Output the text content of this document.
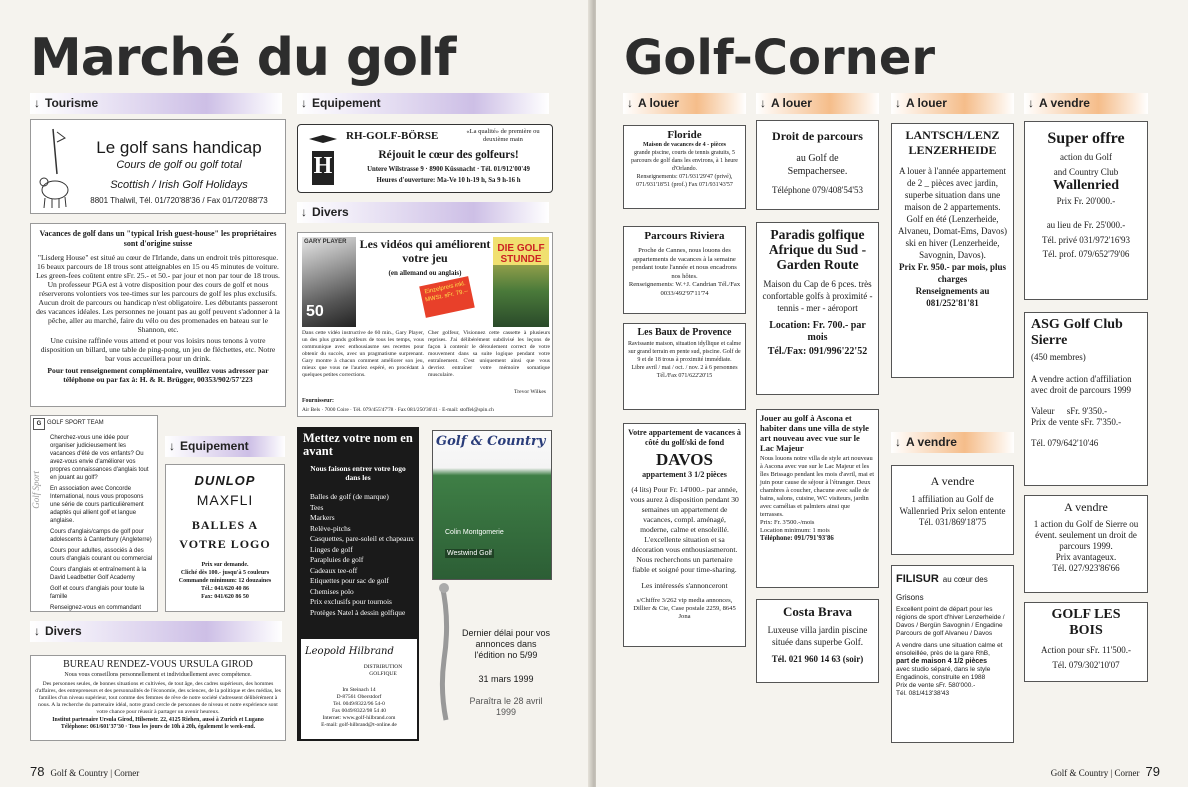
Marché du golf
↓ Tourisme
Le golf sans handicap
Cours de golf ou golf total
Scottish / Irish Golf Holidays
8801 Thalwil, Tél. 01/720'88'36 / Fax 01/720'88'73
Vacances de golf dans un "typical Irish guest-house" les propriétaires sont d'origine suisse
"Lisderg House" est situé au cœur de l'Irlande, dans un endroit très pittoresque. 16 beaux parcours de 18 trous sont atteignables en 15 ou 45 minutes de voiture. Les green-fees coûtent entre sFr. 25.- et 50.- par jour et non par tour de 18 trous. Un professeur PGA est à votre disposition pour des cours de golf et nous réserverons volontiers vos tee-times sur les parcours de golf les plus exclusifs. Aucun droit de parcours ou handicap n'est obligatoire. Les débutants passeront des vacances idéales. Les personnes ne jouant pas au golf peuvent s'adonner à la pêche, aller au marché, faire du vélo ou des promenades en bateau sur le Shannon, etc.
Une cuisine raffinée vous attend et pour vos loisirs nous tenons à votre disposition un billard, une table de ping-pong, un jeu de fléchettes, etc. Notre bar vous accueillera pour un drink.
Pour tout renseignement complémentaire, veuillez vous adresser par téléphone ou par fax à: H. & R. Brügger, 00353/902/57'223
G GOLF SPORT TEAM
Golf Sport
Cherchez-vous une idée pour organiser judicieusement les vacances d'été de vos enfants? Ou avez-vous envie d'améliorer vos propres connaissances d'anglais tout en jouant au golf?
En association avec Concorde International, nous vous proposons une série de cours particulièrement adaptés qui allient golf et langue anglaise.
Cours d'anglais/camps de golf pour adolescents à Canterbury (Angleterre)
Cours pour adultes, associés à des cours d'anglais courant ou commercial
Cours d'anglais et entraînement à la David Leadbetter Golf Academy
Golf et cours d'anglais pour toute la famille
Renseignez-vous en commandant
↓ Divers
BUREAU RENDEZ-VOUS URSULA GIROD
Nous vous conseillons personnellement et individuellement avec compétence.
Des personnes seules, de bonnes situations et cultivées, de tout âge, des cadres supérieurs, des hommes d'affaires, des entrepreneurs et des personnalités de l'économie, des sciences, de la politique et des médias, les familles d'un niveau supérieur, tout comme des femmes de rêve de notre société s'adressent délibérément à nous. A la recherche du partenaire idéal, notre grand cercle de personnes de niveau et notre expérience sont votre chance pour réussir à partager un avenir heureux.
Institut partenaire Ursula Girod, Hilsenstr. 22, 4125 Riehen, aussi à Zurich et Lugano
Téléphone: 061/601'37'30 · Tous les jours de 10h à 20h, également le week-end.
↓ Equipement
H
RH-GOLF-BÖRSE	«La qualité» de première ou deuxième main
Réjouit le cœur des golfeurs!
Untere Wilstrasse 9 · 8900 Küssnacht · Tél. 01/912'00'49
Heures d'ouverture: Ma-Ve 10 h-19 h, Sa 9 h-16 h
↓ Divers
GARY PLAYER
50
Les vidéos qui améliorent votre jeu
(en allemand ou anglais)
Einzelpreis inkl. MWSt. sFr. 79.--
DIE GOLF STUNDE
Dans cette vidéo instructive de 60 min., Gary Player, un des plus grands golfeurs de tous les temps, vous communique avec enthousiasme ses recettes pour obtenir du succès, avec un pragmatisme surprenant. Gary montre à chacun comment améliorer son jeu, mieux que vous ne l'auriez espéré, en procédant à quelques petites corrections.
Cher golfeur, Visionnez cette cassette à plusieurs reprises. J'ai délibérément subdivisé les leçons de façon à contenir le déroulement correct de votre mouvement dans sa suite logique pendant votre entraînement. C'est uniquement ainsi que vous devriez entraîner votre mémoire somatique musculaire.
Trevor Wilkes
Fournisseur:
Air Bels · 7000 Coire · Tél. 079/455'47'78 · Fax 081/250'36'41 · E-mail: stoffel@spin.ch
↓ Equipement
DUNLOP
MAXFLI
BALLES A
VOTRE LOGO
Prix sur demande.
Cliché dès 100.- jusqu'à 5 couleurs
Commande minimum: 12 douzaines
Tél.: 041/620 40 86
Fax: 041/620 86 50
Mettez votre nom en avant
Nous faisons entrer votre logo dans les
Balles de golf (de marque)
Tees
Markers
Relève-pitchs
Casquettes, pare-soleil et chapeaux
Linges de golf
Parapluies de golf
Cadeaux tee-off
Etiquettes pour sac de golf
Chemises polo
Prix exclusifs pour tournois
Protèges Natel à dessin golfique
Leopold Hilbrand
DISTRIBUTION GOLFIQUE
Im Steinach 14
D-87561 Oberstdorf
Tel. 0049/8322/96 54-0
Fax 0049/8322/98 54 40
Internet: www.golf-hilbrand.com
E-mail: golf-hilbrand@t-online.de
Golf & Country
Colin Montgomerie
Westwind Golf
Dernier délai pour vos annonces dans l'édition no 5/99
31 mars 1999
Paraîtra le 28 avril 1999
78 Golf & Country | Corner
Golf-Corner
↓ A louer
Floride
Maison de vacances de 4 - pièces
grande piscine, courts de tennis gratuits, 5 parcours de golf dans les environs, à 1 heure d'Orlando.
Renseignements: 071/931'29'47 (privé), 071/931'18'51 (prof.) Fax 071/931'43'57
Parcours Riviera
Proche de Cannes, nous louons des appartements de vacances à la semaine pendant toute l'année et nous encadrons nos hôtes.
Renseignements: W.+J. Candrian Tél./Fax 0033/492'97'11'74
Les Baux de Provence
Ravissante maison, situation idyllique et calme sur grand terrain en pente sud, piscine. Golf de 9 et de 18 trous à proximité immédiate.
Libre avril / mai / oct. / nov. 2 à 6 personnes
Tél./Fax 071/622'20'15
Votre appartement de vacances à côté du golf/ski de fond
DAVOS
appartement 3 1/2 pièces
(4 lits) Pour Fr. 14'000.- par année, vous aurez à disposition pendant 30 semaines un appartement de vacances, compl. aménagé, moderne, calme et ensoleillé. L'excellente situation et sa décoration vous enthousiasmeront. Nous recherchons un partenaire fiable et soigné pour time-sharing.
Les intéressés s'annonceront
s/Chiffre 3/262 vip media annonces, Dillier & Cie, Case postale 2259, 8645 Jona
↓ A louer
Droit de parcours
au Golf de Sempachersee.
Téléphone 079/408'54'53
Paradis golfique Afrique du Sud - Garden Route
Maison du Cap de 6 pces. très confortable golfs à proximité - tennis - mer - aéroport
Location: Fr. 700.- par mois
Tél./Fax: 091/996'22'52
Jouer au golf à Ascona et habiter dans une villa de style art nouveau avec vue sur le Lac Majeur
Nous louons notre villa de style art nouveau à Ascona avec vue sur le Lac Majeur et les îles Brissago pendant les mois d'avril, mai et juin pour cause de séjour à l'étranger. Deux chambres à coucher, chacune avec salle de bains, salons, cuisine, WC visiteurs, jardin avec camélias et palmiers ainsi que terrasses.
Prix: Fr. 3'500.-/mois
Location minimum: 1 mois
Téléphone: 091/791'93'86
Costa Brava
Luxeuse villa jardin piscine située dans superbe Golf.
Tél. 021 960 14 63 (soir)
↓ A louer
LANTSCH/LENZ LENZERHEIDE
A louer à l'année appartement de 2 _ pièces avec jardin, superbe situation dans une maison de 2 appartements. Golf en été (Lenzerheide, Alvaneu, Domat-Ems, Davos) ski en hiver (Lenzerheide, Savognin, Davos).
Prix Fr. 950.- par mois, plus charges
Renseignements au 081/252'81'81
↓ A vendre
A vendre
1 affiliation au Golf de Wallenried Prix selon entente
Tél. 031/869'18'75
FILISUR au cœur des Grisons
Excellent point de départ pour les régions de sport d'hiver Lenzerheide / Davos / Bergün Savognin / Engadine Parcours de golf Alvaneu / Davos
A vendre dans une situation calme et ensoleillée, près de la gare RhB,
part de maison 4 1/2 pièces
avec studio séparé, dans le style Engadinois, construite en 1988
Prix de vente sFr. 580'000.-
Tél. 081/413'38'43
↓ A vendre
Super offre
action du Golf
and Country Club
Wallenried
Prix Fr. 20'000.-
au lieu de Fr. 25'000.-
Tél. privé 031/972'16'93
Tél. prof. 079/652'79'06
ASG Golf Club Sierre
(450 membres)
A vendre action d'affiliation avec droit de parcours 1999
Valeur sFr. 9'350.-
Prix de vente sFr. 7'350.-
Tél. 079/642'10'46
A vendre
1 action du Golf de Sierre ou évent. seulement un droit de parcours 1999.
Prix avantageux.
Tél. 027/923'86'66
GOLF LES BOIS
Action pour sFr. 11'500.-
Tél. 079/302'10'07
Golf & Country | Corner 79
